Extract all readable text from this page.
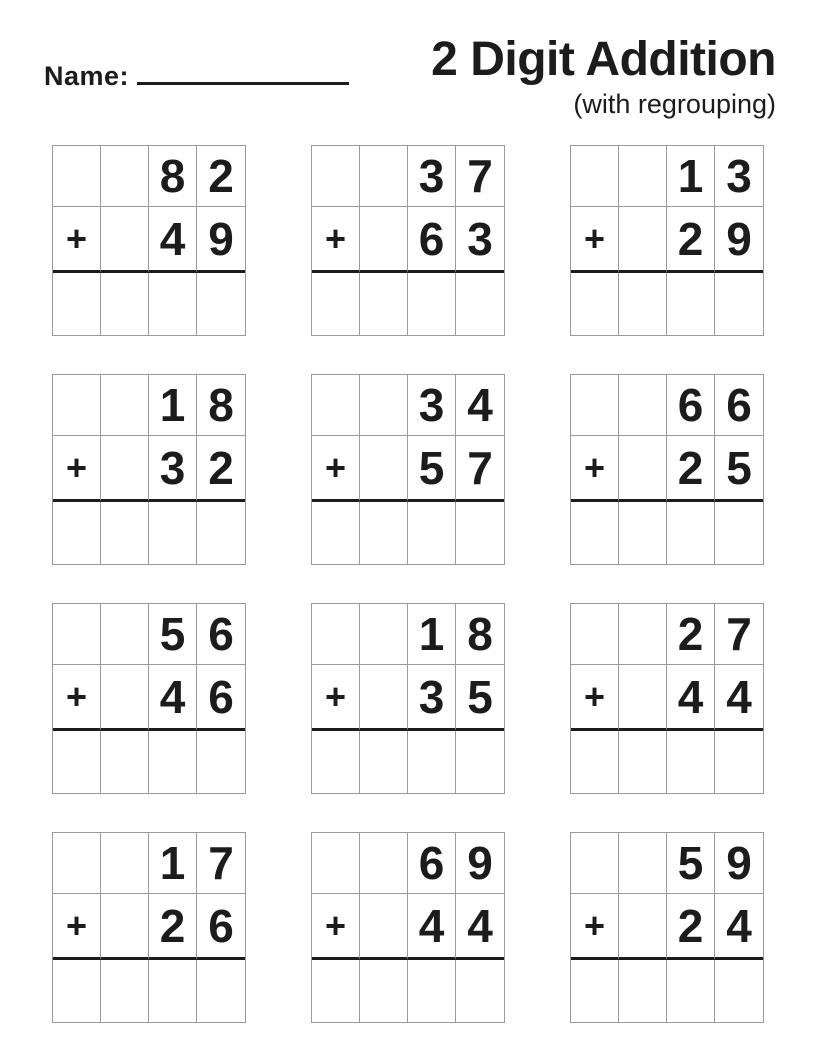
Name:	2 Digit Addition
(with regrouping)
8 2
+	4 9
3 7
+	6 3
1 3
+	2 9
1 8
+	3 2
3 4
+	5 7
6 6
+	2 5
5 6
+	4 6
1 8
+	3 5
2 7
+	4 4
1 7
+	2 6
6 9
+	4 4
5 9
+	2 4
